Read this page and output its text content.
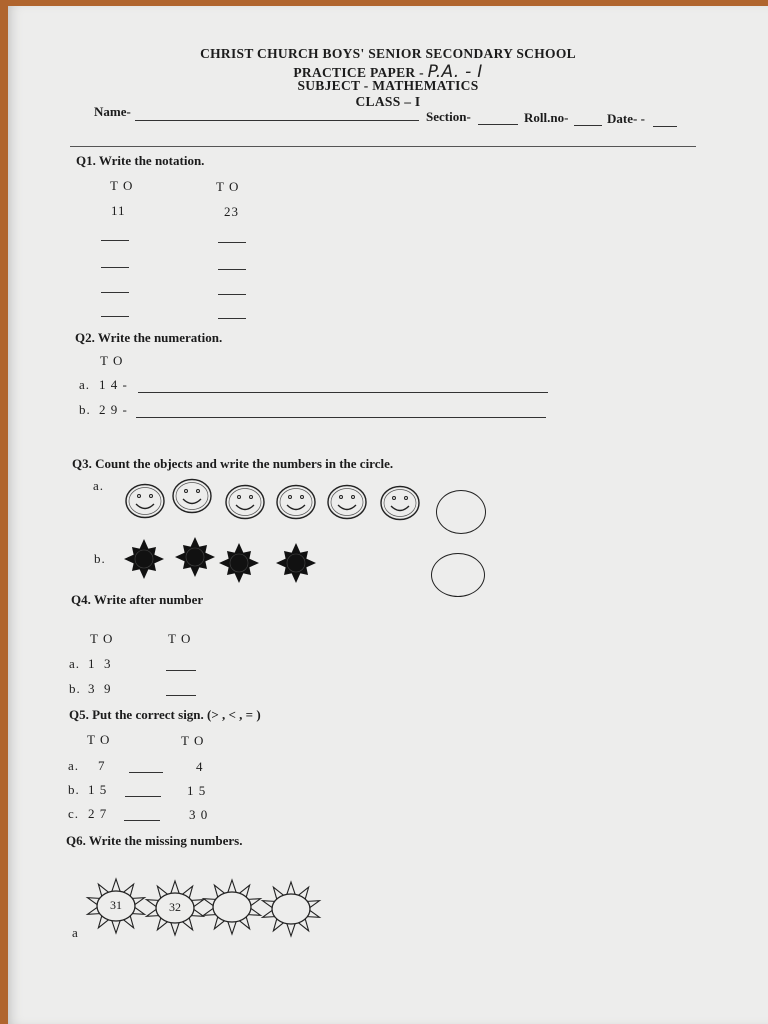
CHRIST CHURCH BOYS' SENIOR SECONDARY SCHOOL
PRACTICE PAPER - P.A. - I
SUBJECT - MATHEMATICS
CLASS – I
Name-	Section-	Roll.no-	Date- -
Q1. Write the notation.
T O	T O
11	23
Q2. Write the numeration.
T O
a. 1 4 -
b. 2 9 -
Q3. Count the objects and write the numbers in the circle.
a.
b.
Q4. Write after number
T O	T O
a. 1  3
b. 3  9
Q5. Put the correct sign. (> , < , = )
T O	T O
a. 7	4
b. 1 5	1 5
c. 2 7	3 0
Q6. Write the missing numbers.
31	32
a
